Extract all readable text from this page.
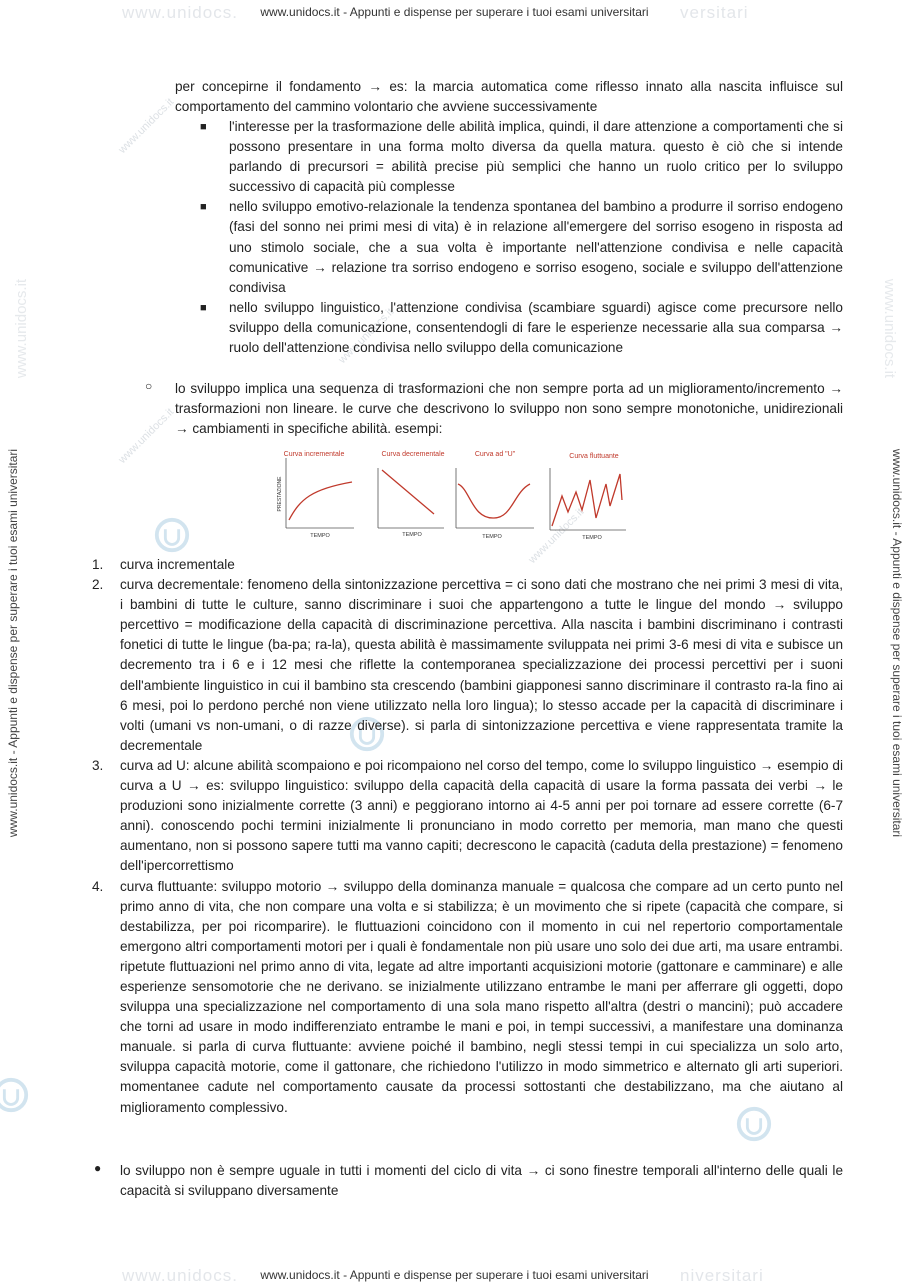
www.unidocs. www.unidocs.it - Appunti e dispense per superare i tuoi esami universitari versitari
www.unidocs.it - Appunti e dispense per superare i tuoi esami universitari	www.unidocs.it - Appunti e dispense per superare i tuoi esami universitari
www.unidocs.it	www.unidocs.it
www.unidocs.it
www.unidocs.it
www.unidocs.it
www.unidocs.it

per concepirne il fondamento → es: la marcia automatica come riflesso innato alla nascita influisce sul comportamento del cammino volontario che avviene successivamente

■ l'interesse per la trasformazione delle abilità implica, quindi, il dare attenzione a comportamenti che si possono presentare in una forma molto diversa da quella matura. questo è ciò che si intende parlando di precursori = abilità precise più semplici che hanno un ruolo critico per lo sviluppo successivo di capacità più complesse
■ nello sviluppo emotivo-relazionale la tendenza spontanea del bambino a produrre il sorriso endogeno (fasi del sonno nei primi mesi di vita) è in relazione all'emergere del sorriso esogeno in risposta ad uno stimolo sociale, che a sua volta è importante nell'attenzione condivisa e nelle capacità comunicative → relazione tra sorriso endogeno e sorriso esogeno, sociale e sviluppo dell'attenzione condivisa
■ nello sviluppo linguistico, l'attenzione condivisa (scambiare sguardi) agisce come precursore nello sviluppo della comunicazione, consentendogli di fare le esperienze necessarie alla sua comparsa → ruolo dell'attenzione condivisa nello sviluppo della comunicazione
○	lo sviluppo implica una sequenza di trasformazioni che non sempre porta ad un miglioramento/incremento → trasformazioni non lineare. le curve che descrivono lo sviluppo non sono sempre monotoniche, unidirezionali → cambiamenti in specifiche abilità. esempi:
Curva incrementale
TEMPO
PRESTAZIONE
Curva decrementale
TEMPO
Curva ad "U"
TEMPO
Curva fluttuante
TEMPO
1. curva incrementale
2. curva decrementale: fenomeno della sintonizzazione percettiva = ci sono dati che mostrano che nei primi 3 mesi di vita, i bambini di tutte le culture, sanno discriminare i suoi che appartengono a tutte le lingue del mondo → sviluppo percettivo = modificazione della capacità di discriminazione percettiva. Alla nascita i bambini discriminano i contrasti fonetici di tutte le lingue (ba-pa; ra-la), questa abilità è massimamente sviluppata nei primi 3-6 mesi di vita e subisce un decremento tra i 6 e i 12 mesi che riflette la contemporanea specializzazione dei processi percettivi per i suoni dell'ambiente linguistico in cui il bambino sta crescendo (bambini giapponesi sanno discriminare il contrasto ra-la fino ai 6 mesi, poi lo perdono perché non viene utilizzato nella loro lingua); lo stesso accade per la capacità di discriminare i volti (umani vs non-umani, o di razze diverse). si parla di sintonizzazione percettiva e viene rappresentata tramite la decrementale
3. curva ad U: alcune abilità scompaiono e poi ricompaiono nel corso del tempo, come lo sviluppo linguistico → esempio di curva a U → es: sviluppo linguistico: sviluppo della capacità della capacità di usare la forma passata dei verbi → le produzioni sono inizialmente corrette (3 anni) e peggiorano intorno ai 4-5 anni per poi tornare ad essere corrette (6-7 anni). conoscendo pochi termini inizialmente li pronunciano in modo corretto per memoria, man mano che questi aumentano, non si possono sapere tutti ma vanno capiti; decrescono le capacità (caduta della prestazione) = fenomeno dell'ipercorrettismo
4. curva fluttuante: sviluppo motorio → sviluppo della dominanza manuale = qualcosa che compare ad un certo punto nel primo anno di vita, che non compare una volta e si stabilizza; è un movimento che si ripete (capacità che compare, si destabilizza, per poi ricomparire). le fluttuazioni coincidono con il momento in cui nel repertorio comportamentale emergono altri comportamenti motori per i quali è fondamentale non più usare uno solo dei due arti, ma usare entrambi. ripetute fluttuazioni nel primo anno di vita, legate ad altre importanti acquisizioni motorie (gattonare e camminare) e alle esperienze sensomotorie che ne derivano. se inizialmente utilizzano entrambe le mani per afferrare gli oggetti, dopo sviluppa una specializzazione nel comportamento di una sola mano rispetto all'altra (destri o mancini); può accadere che torni ad usare in modo indifferenziato entrambe le mani e poi, in tempi successivi, a manifestare una dominanza manuale. si parla di curva fluttuante: avviene poiché il bambino, negli stessi tempi in cui specializza un solo arto, sviluppa capacità motorie, come il gattonare, che richiedono l'utilizzo in modo simmetrico e alternato gli arti superiori. momentanee cadute nel comportamento causate da processi sottostanti che destabilizzano, ma che aiutano al miglioramento complessivo.
●	lo sviluppo non è sempre uguale in tutti i momenti del ciclo di vita → ci sono finestre temporali all'interno delle quali le capacità si sviluppano diversamente
www.unidocs. www.unidocs.it - Appunti e dispense per superare i tuoi esami universitari niversitari
